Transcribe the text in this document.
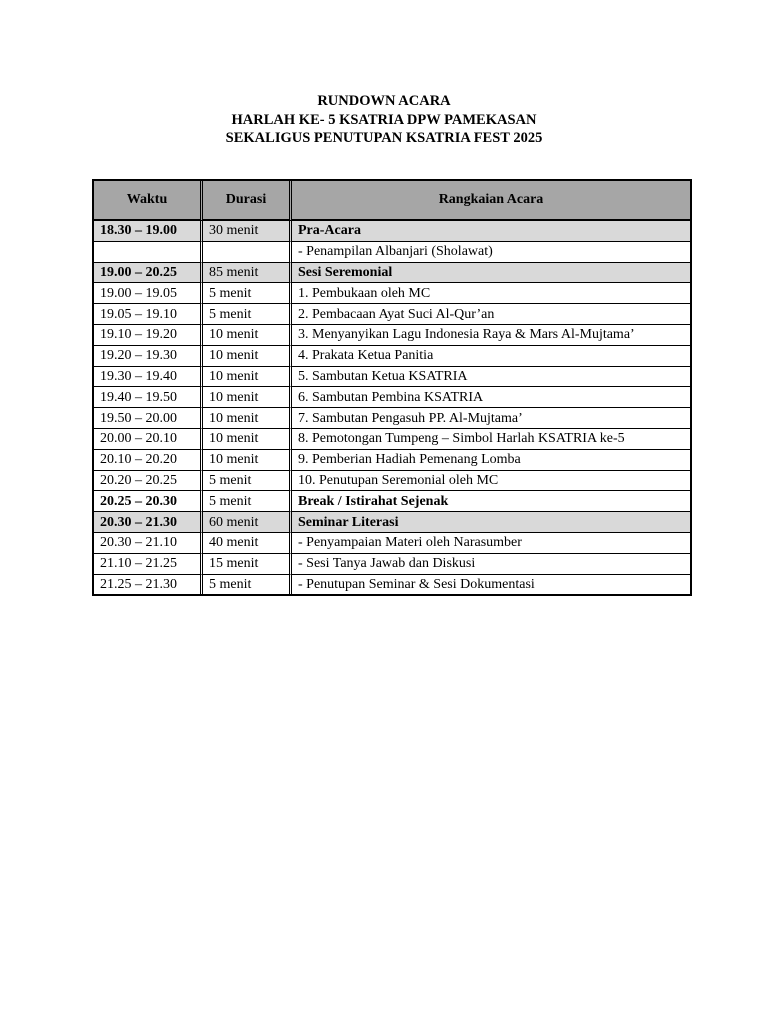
RUNDOWN ACARA
HARLAH KE- 5 KSATRIA DPW PAMEKASAN
SEKALIGUS PENUTUPAN KSATRIA FEST 2025
Waktu	Durasi	Rangkaian Acara
18.30 – 19.00	30 menit	Pra-Acara
		- Penampilan Albanjari (Sholawat)
19.00 – 20.25	85 menit	Sesi Seremonial
19.00 – 19.05	5 menit	1. Pembukaan oleh MC
19.05 – 19.10	5 menit	2. Pembacaan Ayat Suci Al-Qur’an
19.10 – 19.20	10 menit	3. Menyanyikan Lagu Indonesia Raya & Mars Al-Mujtama’
19.20 – 19.30	10 menit	4. Prakata Ketua Panitia
19.30 – 19.40	10 menit	5. Sambutan Ketua KSATRIA
19.40 – 19.50	10 menit	6. Sambutan Pembina KSATRIA
19.50 – 20.00	10 menit	7. Sambutan Pengasuh PP. Al-Mujtama’
20.00 – 20.10	10 menit	8. Pemotongan Tumpeng – Simbol Harlah KSATRIA ke-5
20.10 – 20.20	10 menit	9. Pemberian Hadiah Pemenang Lomba
20.20 – 20.25	5 menit	10. Penutupan Seremonial oleh MC
20.25 – 20.30	5 menit	Break / Istirahat Sejenak
20.30 – 21.30	60 menit	Seminar Literasi
20.30 – 21.10	40 menit	- Penyampaian Materi oleh Narasumber
21.10 – 21.25	15 menit	- Sesi Tanya Jawab dan Diskusi
21.25 – 21.30	5 menit	- Penutupan Seminar & Sesi Dokumentasi
